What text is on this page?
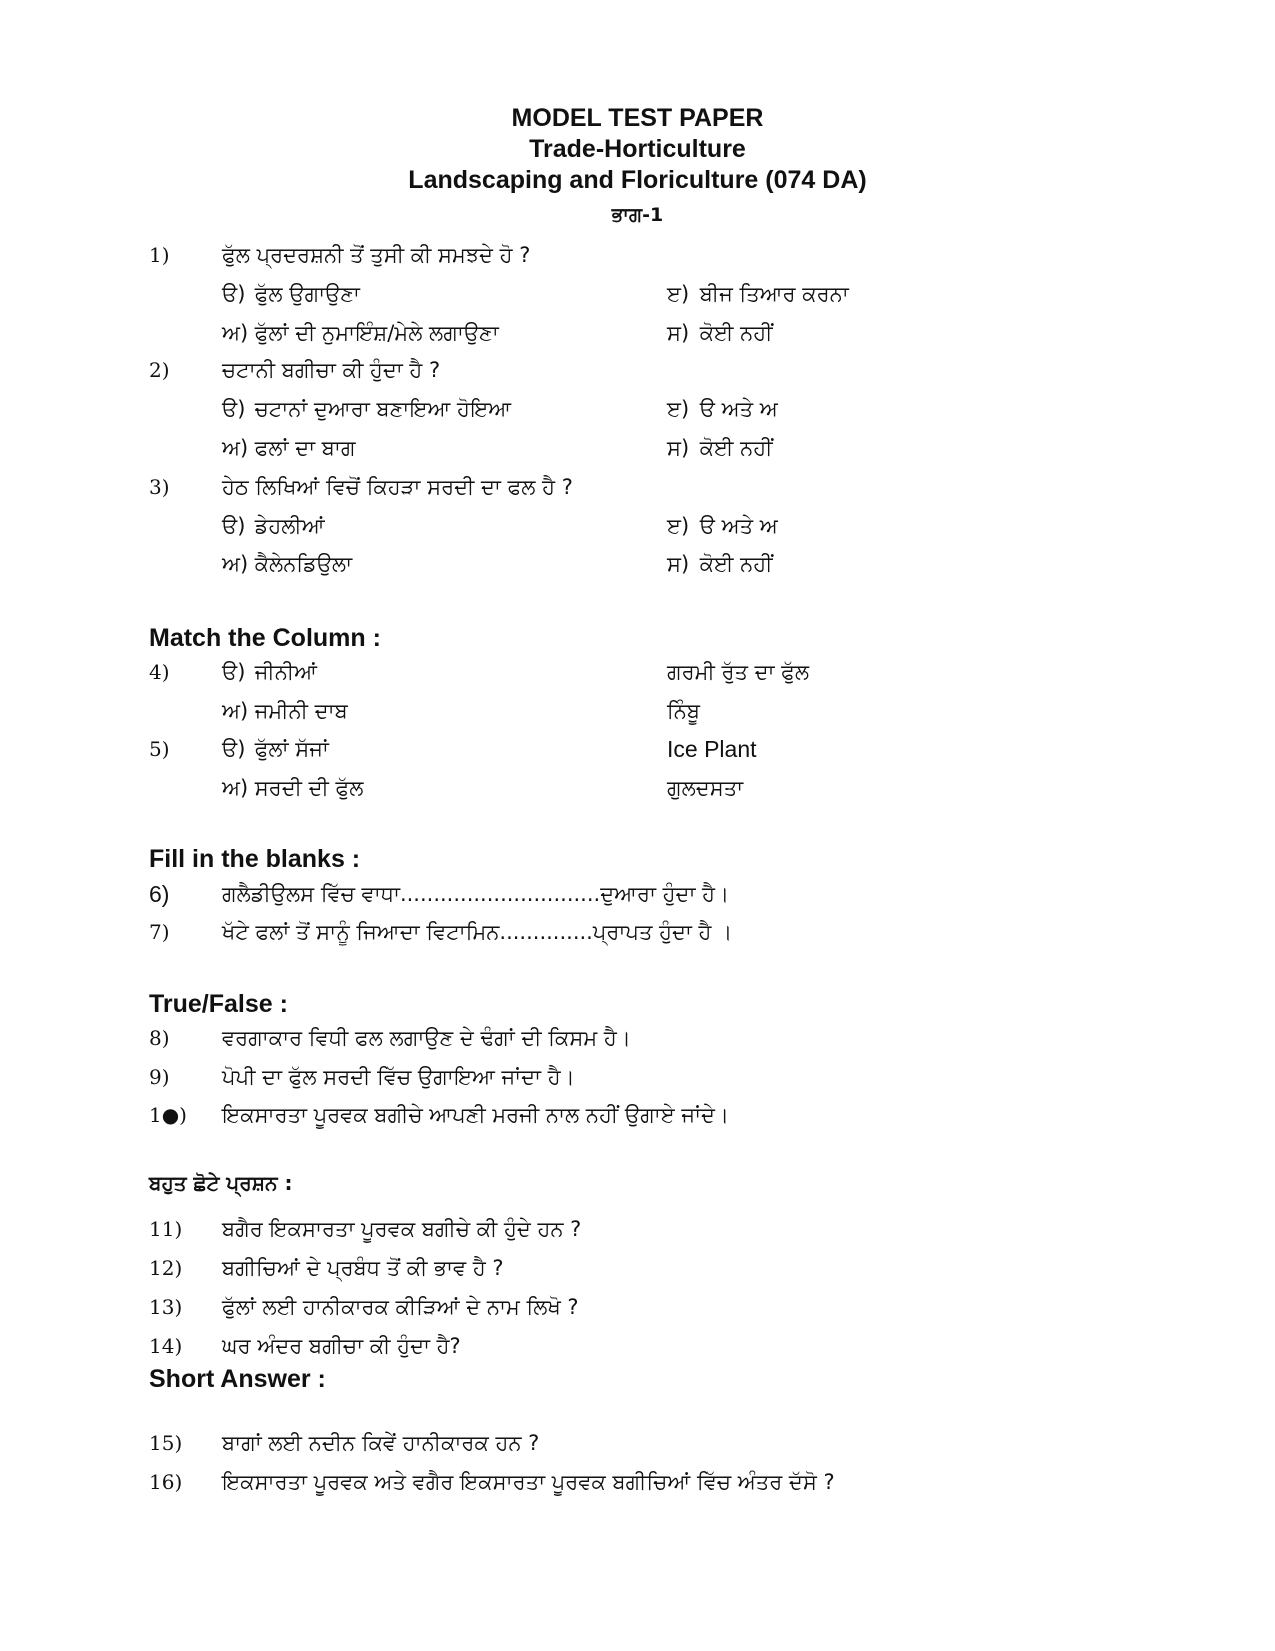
MODEL TEST PAPER
Trade-Horticulture
Landscaping and Floriculture (074 DA)
ਭਾਗ-1
1) ਫੁੱਲ ਪ੍ਰਦਰਸ਼ਨੀ ਤੋਂ ਤੁਸੀ ਕੀ ਸਮਝਦੇ ਹੋ ?
ੳ) ਫੁੱਲ ਉਗਾਉਣਾ	ੲ) ਬੀਜ ਤਿਆਰ ਕਰਨਾ
ਅ) ਫੁੱਲਾਂ ਦੀ ਨੁਮਾਇੰਸ਼/ਮੇਲੇ ਲਗਾਉਣਾ	ਸ) ਕੋਈ ਨਹੀਂ
2) ਚਟਾਨੀ ਬਗੀਚਾ ਕੀ ਹੁੰਦਾ ਹੈ ?
ੳ) ਚਟਾਨਾਂ ਦੁਆਰਾ ਬਣਾਇਆ ਹੋਇਆ	ੲ) ੳ ਅਤੇ ਅ
ਅ) ਫਲਾਂ ਦਾ ਬਾਗ	ਸ) ਕੋਈ ਨਹੀਂ
3) ਹੇਠ ਲਿਖਿਆਂ ਵਿਚੋਂ ਕਿਹੜਾ ਸਰਦੀ ਦਾ ਫਲ ਹੈ ?
ੳ) ਡੇਹਲੀਆਂ	ੲ) ੳ ਅਤੇ ਅ
ਅ) ਕੈਲੇਨਡਿਉਲਾ	ਸ) ਕੋਈ ਨਹੀਂ
Match the Column :
4) ੳ) ਜੀਨੀਆਂ	ਗਰਮੀ ਰੁੱਤ ਦਾ ਫੁੱਲ
ਅ) ਜਮੀਨੀ ਦਾਬ	ਨਿੰਬੂ
5) ੳ) ਫੁੱਲਾਂ ਸੱਜਾਂ	Ice Plant
ਅ) ਸਰਦੀ ਦੀ ਫੁੱਲ	ਗੁਲਦਸਤਾ
Fill in the blanks :
6)	ਗਲੈਡੀਉਲਸ ਵਿੱਚ ਵਾਧਾ..............................ਦੁਆਰਾ ਹੁੰਦਾ ਹੈ।
7) ਖੱਟੇ ਫਲਾਂ ਤੋਂ ਸਾਨੂੰ ਜਿਆਦਾ ਵਿਟਾਮਿਨ..............ਪ੍ਰਾਪਤ ਹੁੰਦਾ ਹੈ ।
True/False :
8) ਵਰਗਾਕਾਰ ਵਿਧੀ ਫਲ ਲਗਾਉਣ ਦੇ ਢੰਗਾਂ ਦੀ ਕਿਸਮ ਹੈ।
9) ਪੋਪੀ ਦਾ ਫੁੱਲ ਸਰਦੀ ਵਿੱਚ ਉਗਾਇਆ ਜਾਂਦਾ ਹੈ।
1●) ਇਕਸਾਰਤਾ ਪੂਰਵਕ ਬਗੀਚੇ ਆਪਣੀ ਮਰਜੀ ਨਾਲ ਨਹੀਂ ਉਗਾਏ ਜਾਂਦੇ।
ਬਹੁਤ ਛੋਟੇ ਪ੍ਰਸ਼ਨ :
11) ਬਗੈਰ ਇਕਸਾਰਤਾ ਪੂਰਵਕ ਬਗੀਚੇ ਕੀ ਹੁੰਦੇ ਹਨ ?
12) ਬਗੀਚਿਆਂ ਦੇ ਪ੍ਰਬੰਧ ਤੋਂ ਕੀ ਭਾਵ ਹੈ ?
13) ਫੁੱਲਾਂ ਲਈ ਹਾਨੀਕਾਰਕ ਕੀੜਿਆਂ ਦੇ ਨਾਮ ਲਿਖੋ ?
14) ਘਰ ਅੰਦਰ ਬਗੀਚਾ ਕੀ ਹੁੰਦਾ ਹੈ?
Short Answer :
15) ਬਾਗਾਂ ਲਈ ਨਦੀਨ ਕਿਵੇਂ ਹਾਨੀਕਾਰਕ ਹਨ ?
16) ਇਕਸਾਰਤਾ ਪੂਰਵਕ ਅਤੇ ਵਗੈਰ ਇਕਸਾਰਤਾ ਪੂਰਵਕ ਬਗੀਚਿਆਂ ਵਿੱਚ ਅੰਤਰ ਦੱਸੋ ?
